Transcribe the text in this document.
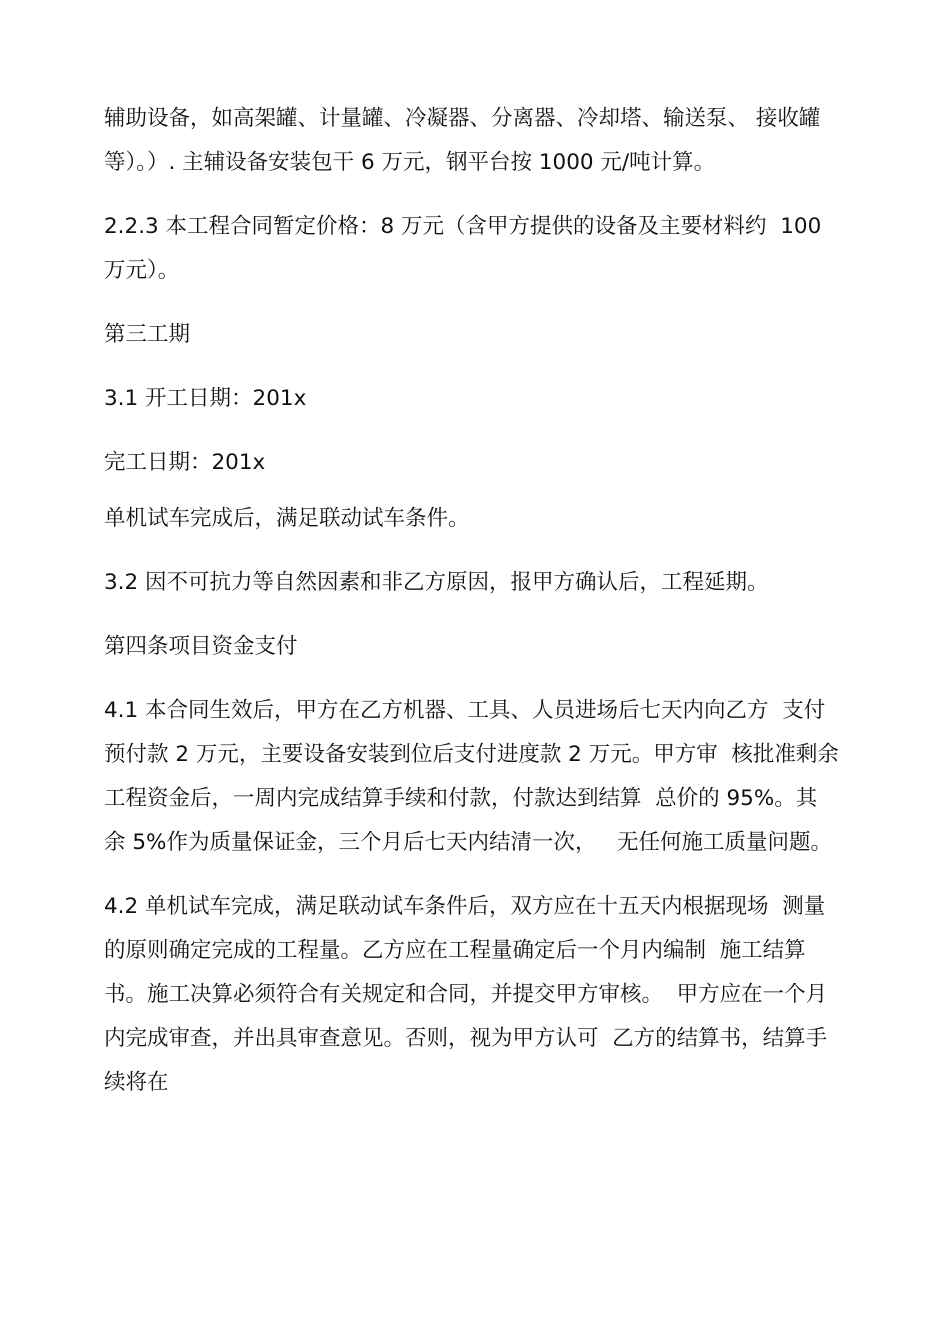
辅助设备，如高架罐、计量罐、冷凝器、分离器、冷却塔、输送泵、 接收罐
等）。）. 主辅设备安装包干 6 万元，钢平台按 1000 元/吨计算。
2.2.3 本工程合同暂定价格：8 万元（含甲方提供的设备及主要材料约  100
万元）。
第三工期
3.1 开工日期：201x
完工日期：201x
单机试车完成后，满足联动试车条件。
3.2 因不可抗力等自然因素和非乙方原因，报甲方确认后，工程延期。
第四条项目资金支付
4.1 本合同生效后，甲方在乙方机器、工具、人员进场后七天内向乙方  支付
预付款 2 万元，主要设备安装到位后支付进度款 2 万元。甲方审  核批准剩余
工程资金后，一周内完成结算手续和付款，付款达到结算  总价的 95%。其
余 5%作为质量保证金，三个月后七天内结清一次，   无任何施工质量问题。
4.2 单机试车完成，满足联动试车条件后，双方应在十五天内根据现场  测量
的原则确定完成的工程量。乙方应在工程量确定后一个月内编制  施工结算
书。施工决算必须符合有关规定和合同，并提交甲方审核。  甲方应在一个月
内完成审查，并出具审查意见。否则，视为甲方认可  乙方的结算书，结算手
续将在
